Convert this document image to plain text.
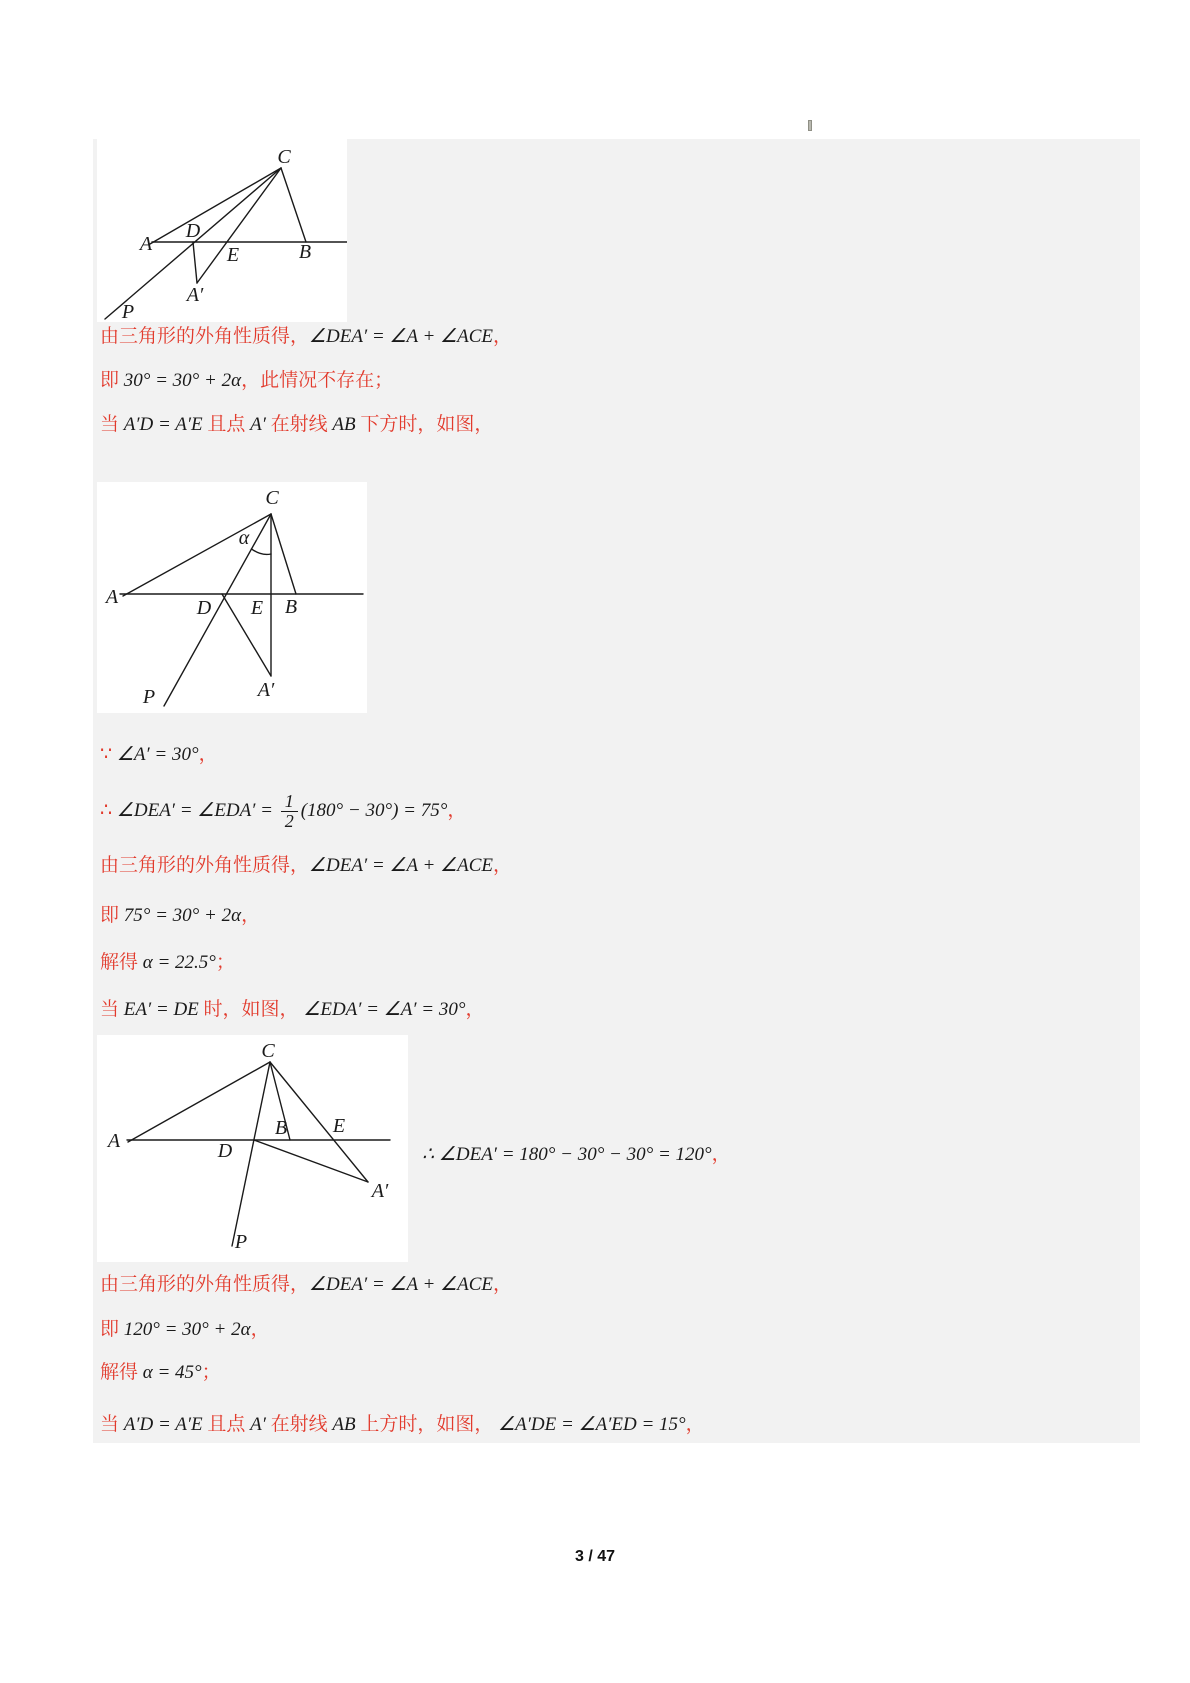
C
A
D
E	B
A′
P
由三角形的外角性质得，∠DEA′ = ∠A + ∠ACE，
即 30° = 30° + 2α，此情况不存在；
当 A′D = A′E 且点 A′ 在射线 AB 下方时，如图，
C
α
A	D E B
A′
P
∵ ∠A′ = 30°，
∴ ∠DEA′ = ∠EDA′ = $\frac{1}{2} (180^\circ - 30^\circ) = 75^\circ$，
由三角形的外角性质得，∠DEA′ = ∠A + ∠ACE，
即 75° = 30° + 2α，
解得 α = 22.5°；
当 EA′ = DE 时，如图， ∠EDA′ = ∠A′ = 30°，
C
A
B E
D
A′
P
∴ ∠DEA′ = 180° − 30° − 30° = 120°，
由三角形的外角性质得，∠DEA′ = ∠A + ∠ACE，
即 120° = 30° + 2α，
解得 α = 45°；
当 A′D = A′E 且点 A′ 在射线 AB 上方时，如图， ∠A′DE = ∠A′ED = 15°，
3 / 47
